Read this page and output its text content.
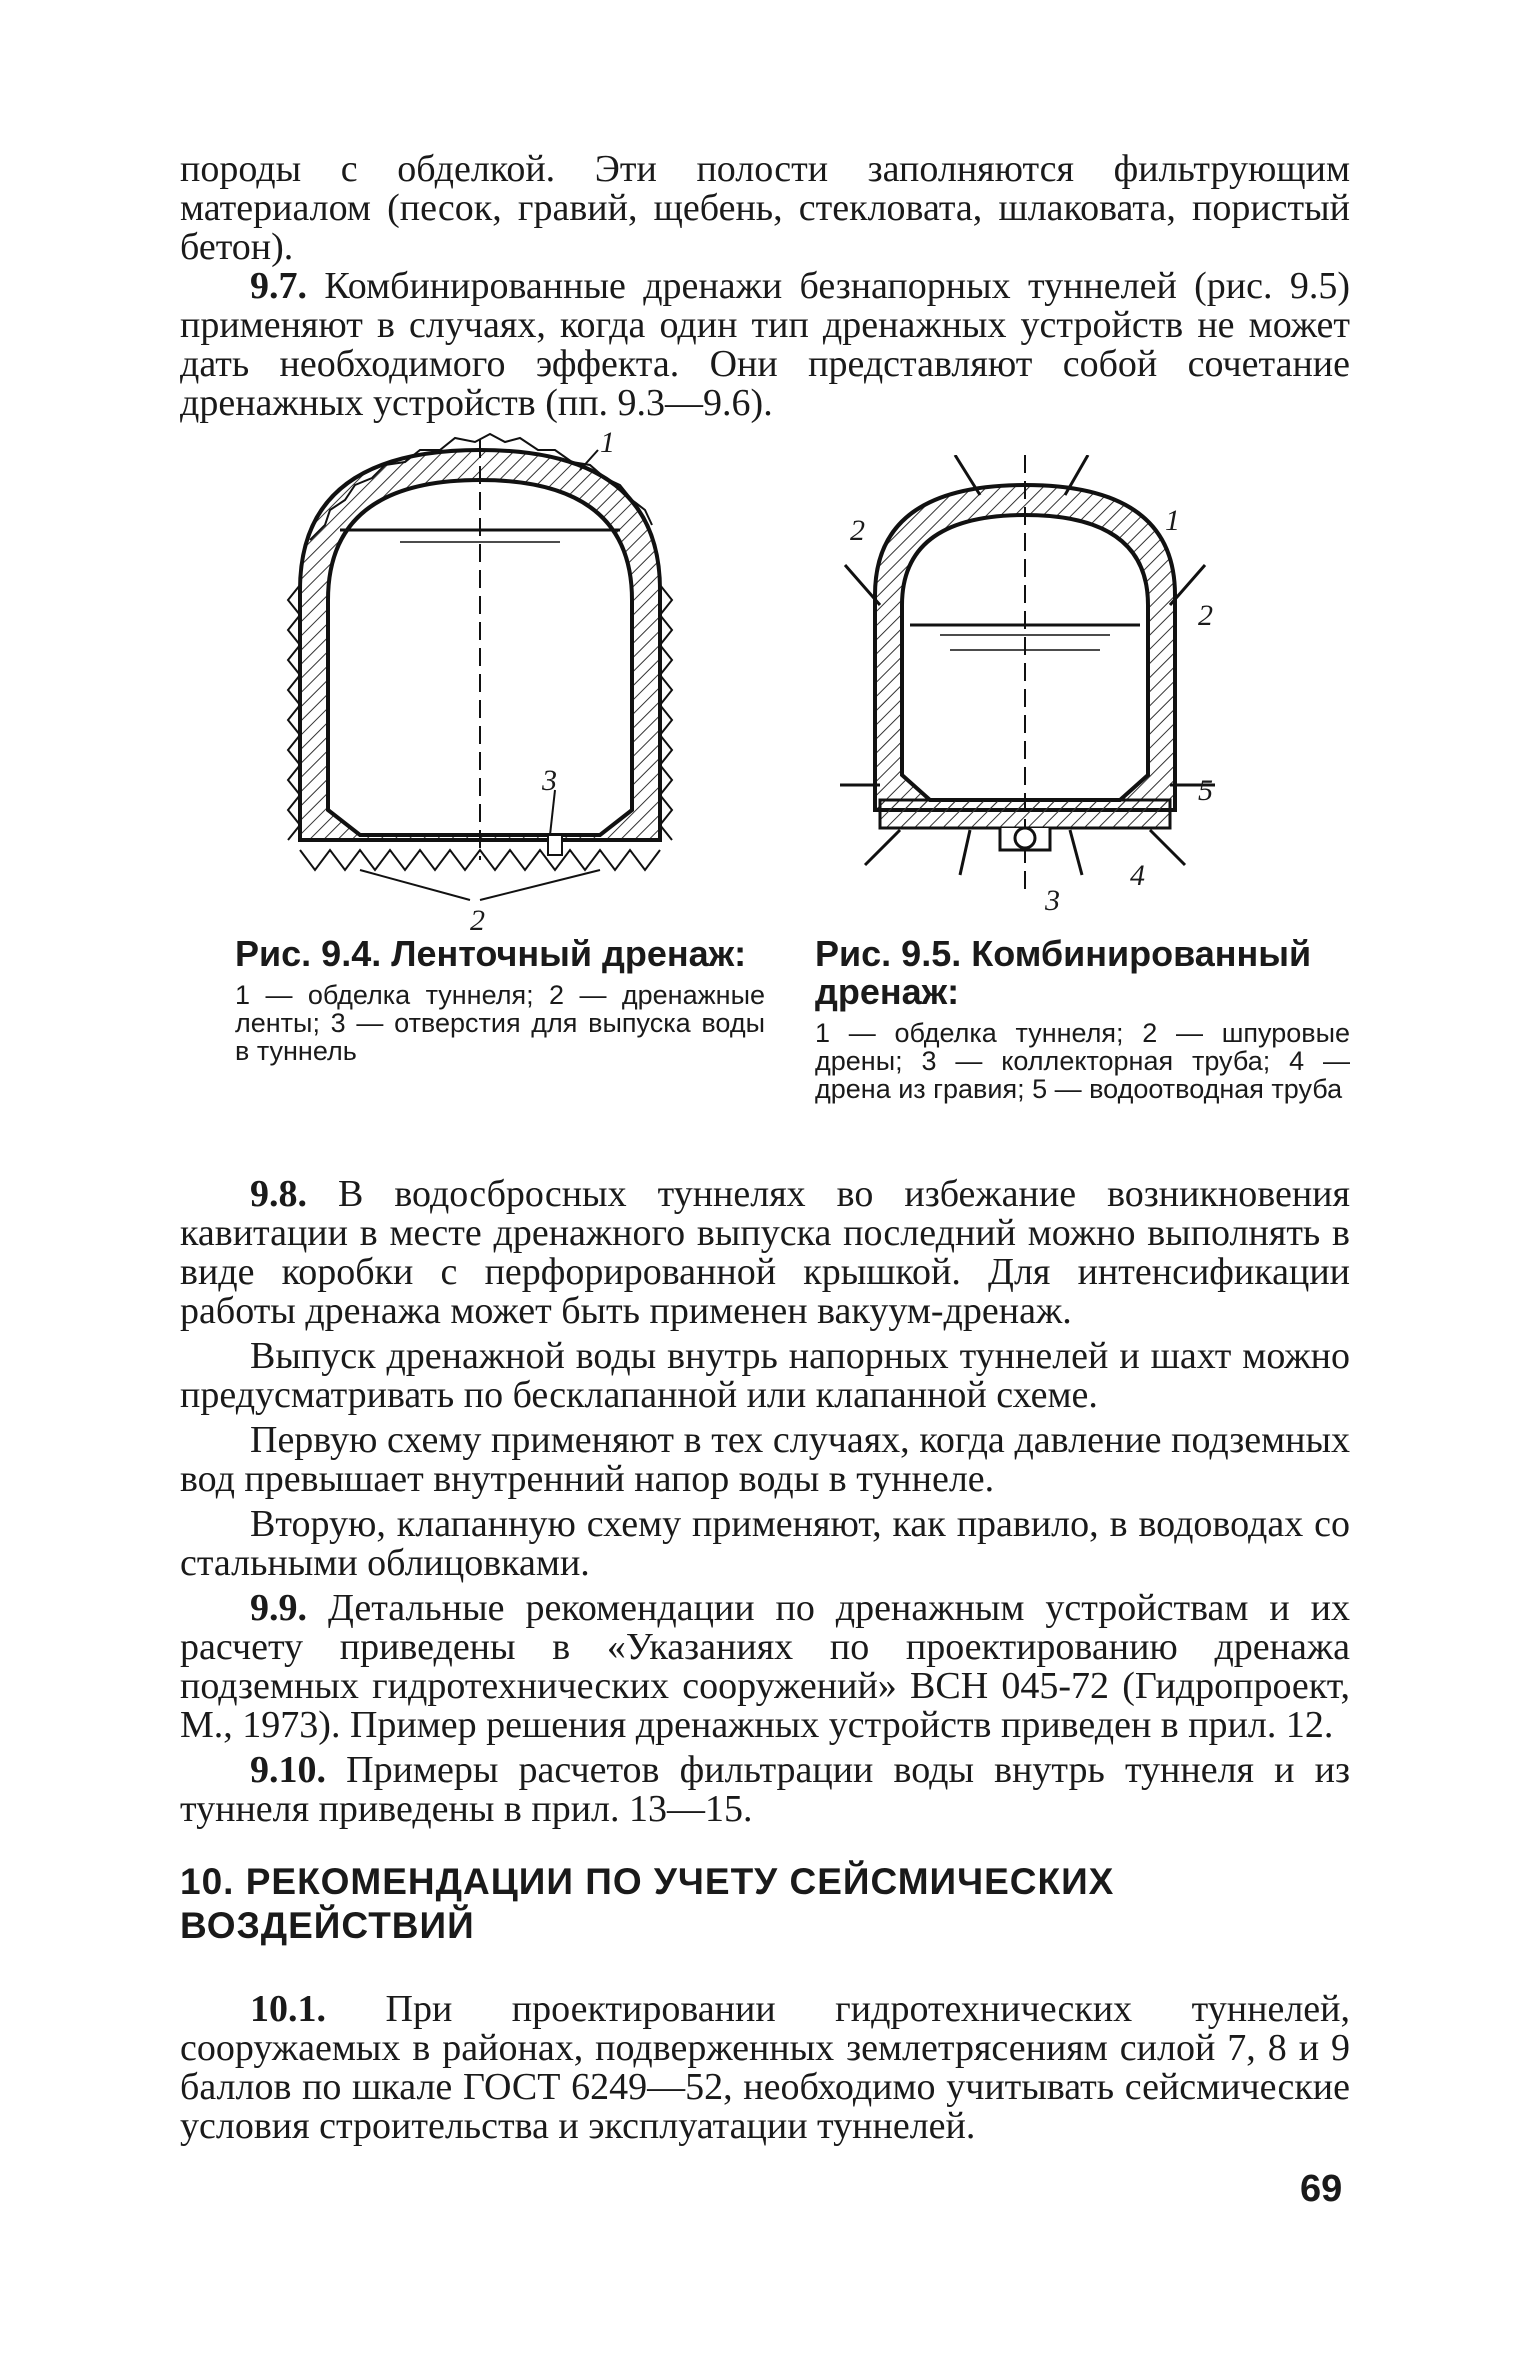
породы с обделкой. Эти полости заполняются фильтрующим материалом (песок, гравий, щебень, стекловата, шлаковата, пористый бетон).

9.7. Комбинированные дренажи безнапорных туннелей (рис. 9.5) применяют в случаях, когда один тип дренажных устройств не может дать необходимого эффекта. Они представляют собой сочетание дренажных устройств (пп. 9.3—9.6).

1
3
2
2	1
2
5
4
3
Рис. 9.4. Ленточный дренаж:
1 — обделка туннеля; 2 — дренажные ленты; 3 — отверстия для выпуска воды в туннель
Рис. 9.5. Комбинированный дренаж:
1 — обделка туннеля; 2 — шпуровые дрены; 3 — коллекторная труба; 4 — дрена из гравия; 5 — водоотводная труба

9.8. В водосбросных туннелях во избежание возникновения кавитации в месте дренажного выпуска последний можно выполнять в виде коробки с перфорированной крышкой. Для интенсификации работы дренажа может быть применен вакуум-дренаж.

Выпуск дренажной воды внутрь напорных туннелей и шахт можно предусматривать по бесклапанной или клапанной схеме.

Первую схему применяют в тех случаях, когда давление подземных вод превышает внутренний напор воды в туннеле.

Вторую, клапанную схему применяют, как правило, в водоводах со стальными облицовками.

9.9. Детальные рекомендации по дренажным устройствам и их расчету приведены в «Указаниях по проектированию дренажа подземных гидротехнических сооружений» ВСН 045-72 (Гидропроект, М., 1973). Пример решения дренажных устройств приведен в прил. 12.

9.10. Примеры расчетов фильтрации воды внутрь туннеля и из туннеля приведены в прил. 13—15.

10. РЕКОМЕНДАЦИИ ПО УЧЕТУ СЕЙСМИЧЕСКИХ ВОЗДЕЙСТВИЙ

10.1. При проектировании гидротехнических туннелей, сооружаемых в районах, подверженных землетрясениям силой 7, 8 и 9 баллов по шкале ГОСТ 6249—52, необходимо учитывать сейсмические условия строительства и эксплуатации туннелей.

69
